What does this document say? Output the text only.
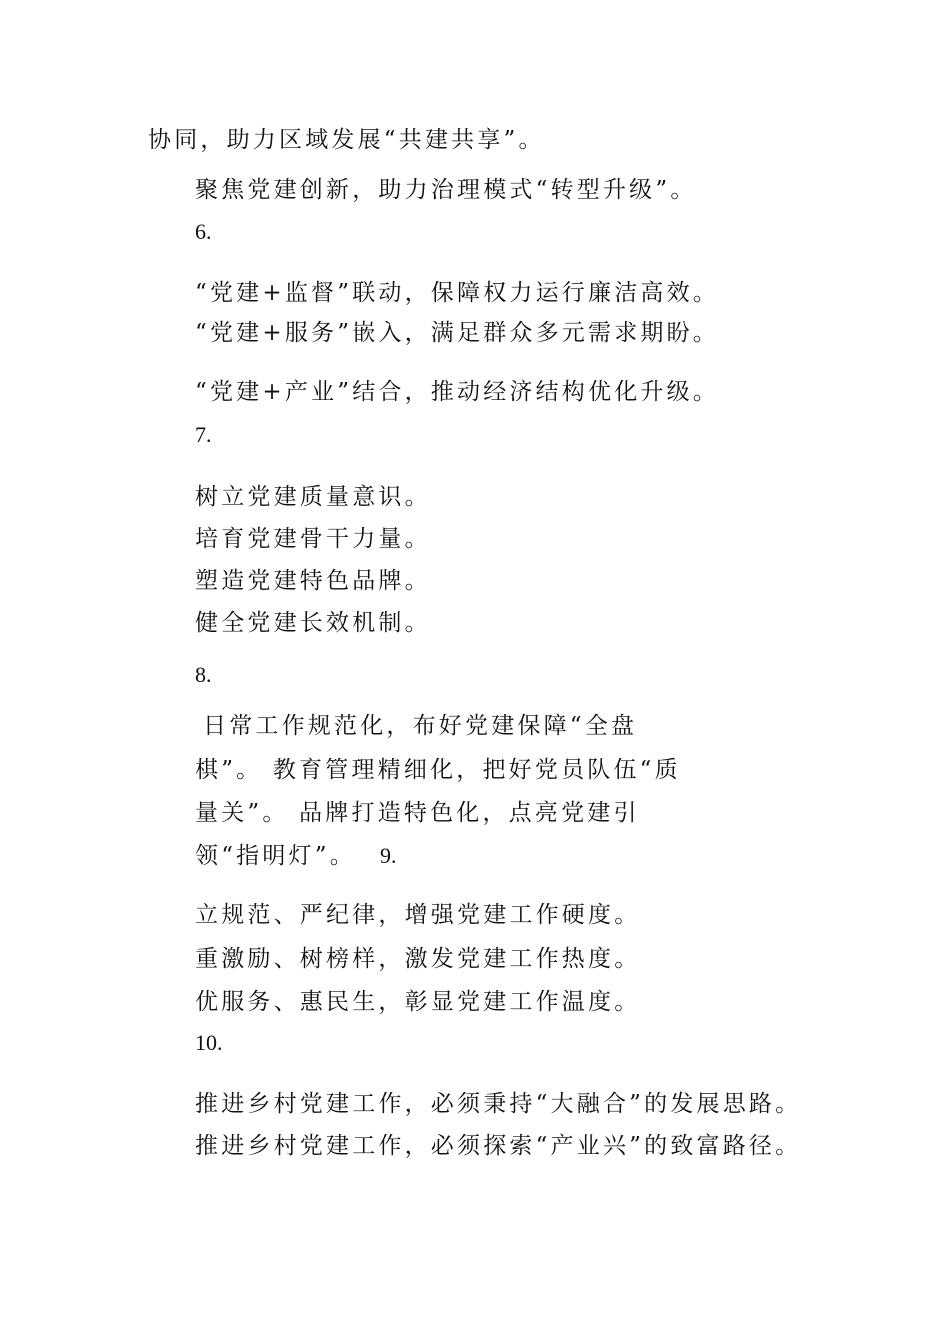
协同，助力区域发展“共建共享”。
聚焦党建创新，助力治理模式“转型升级”。
6.
“党建+监督”联动，保障权力运行廉洁高效。
“党建+服务”嵌入，满足群众多元需求期盼。
“党建+产业”结合，推动经济结构优化升级。
7.
树立党建质量意识。
培育党建骨干力量。
塑造党建特色品牌。
健全党建长效机制。
8.
日常工作规范化，布好党建保障“全盘
棋”。 教育管理精细化，把好党员队伍“质
量关”。 品牌打造特色化，点亮党建引
领“指明灯”。 9.
立规范、严纪律，增强党建工作硬度。
重激励、树榜样，激发党建工作热度。
优服务、惠民生，彰显党建工作温度。
10.
推进乡村党建工作，必须秉持“大融合”的发展思路。
推进乡村党建工作，必须探索“产业兴”的致富路径。
